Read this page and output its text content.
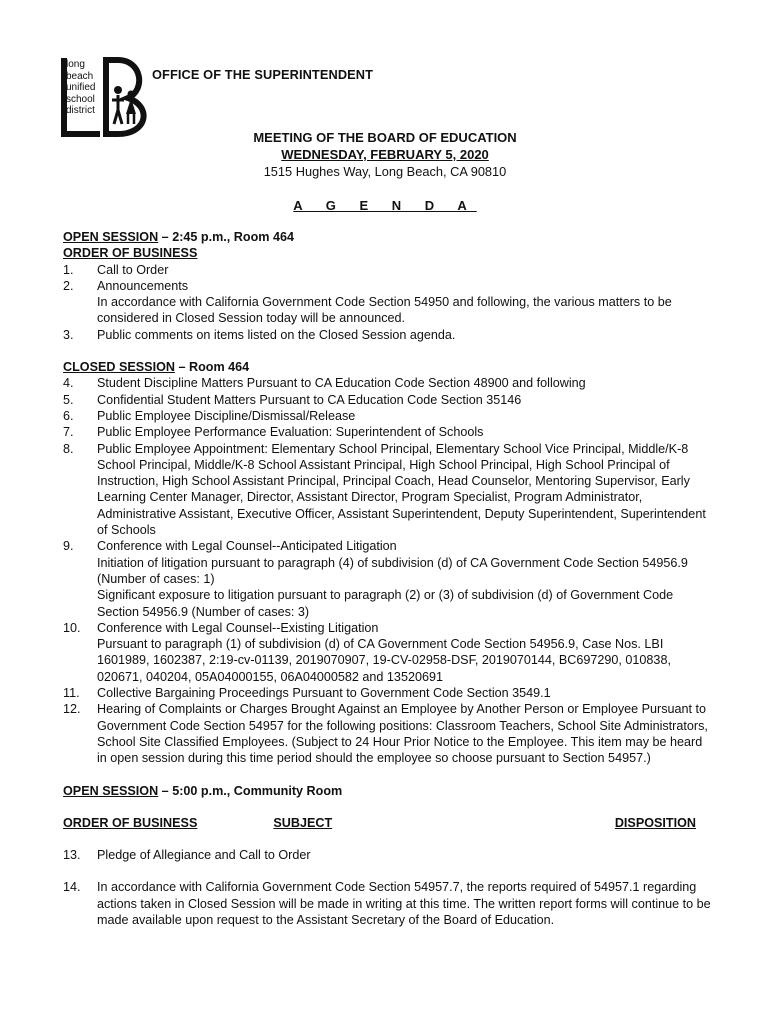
long
beach
unified
school
district
OFFICE OF THE SUPERINTENDENT
MEETING OF THE BOARD OF EDUCATION
WEDNESDAY, FEBRUARY 5, 2020
1515 Hughes Way, Long Beach, CA 90810
A G E N D A
OPEN SESSION – 2:45 p.m., Room 464
ORDER OF BUSINESS
1.	Call to Order
2.	Announcements
In accordance with California Government Code Section 54950 and following, the various matters to be considered in Closed Session today will be announced.
3.	Public comments on items listed on the Closed Session agenda.
CLOSED SESSION – Room 464
4.	Student Discipline Matters Pursuant to CA Education Code Section 48900 and following
5.	Confidential Student Matters Pursuant to CA Education Code Section 35146
6.	Public Employee Discipline/Dismissal/Release
7.	Public Employee Performance Evaluation: Superintendent of Schools
8.	Public Employee Appointment: Elementary School Principal, Elementary School Vice Principal, Middle/K-8 School Principal, Middle/K-8 School Assistant Principal, High School Principal, High School Principal of Instruction, High School Assistant Principal, Principal Coach, Head Counselor, Mentoring Supervisor, Early Learning Center Manager, Director, Assistant Director, Program Specialist, Program Administrator, Administrative Assistant, Executive Officer, Assistant Superintendent, Deputy Superintendent, Superintendent of Schools
9.	Conference with Legal Counsel--Anticipated Litigation
Initiation of litigation pursuant to paragraph (4) of subdivision (d) of CA Government Code Section 54956.9 (Number of cases: 1)
Significant exposure to litigation pursuant to paragraph (2) or (3) of subdivision (d) of Government Code Section 54956.9 (Number of cases: 3)
10.	Conference with Legal Counsel--Existing Litigation
Pursuant to paragraph (1) of subdivision (d) of CA Government Code Section 54956.9, Case Nos. LBI 1601989, 1602387, 2:19-cv-01139, 2019070907, 19-CV-02958-DSF, 2019070144, BC697290, 010838, 020671, 040204, 05A04000155, 06A04000582 and 13520691
11.	Collective Bargaining Proceedings Pursuant to Government Code Section 3549.1
12.	Hearing of Complaints or Charges Brought Against an Employee by Another Person or Employee Pursuant to Government Code Section 54957 for the following positions: Classroom Teachers, School Site Administrators, School Site Classified Employees. (Subject to 24 Hour Prior Notice to the Employee. This item may be heard in open session during this time period should the employee so choose pursuant to Section 54957.)
OPEN SESSION – 5:00 p.m., Community Room
ORDER OF BUSINESS	SUBJECT	DISPOSITION
13.	Pledge of Allegiance and Call to Order
14.	In accordance with California Government Code Section 54957.7, the reports required of 54957.1 regarding actions taken in Closed Session will be made in writing at this time. The written report forms will continue to be made available upon request to the Assistant Secretary of the Board of Education.
